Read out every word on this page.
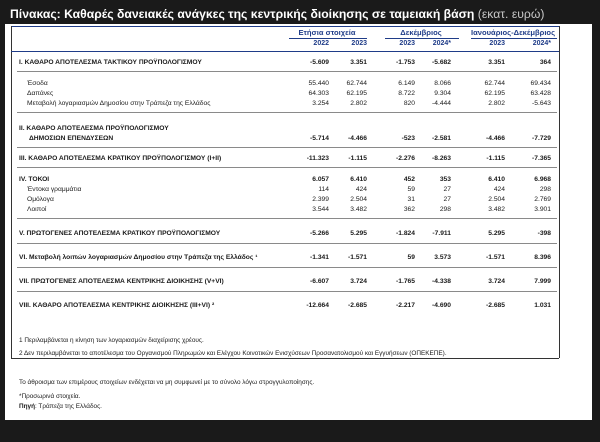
Πίνακας: Καθαρές δανειακές ανάγκες της κεντρικής διοίκησης σε ταμειακή βάση (εκατ. ευρώ)
Ετήσια στοιχεία	Δεκέμβριος	Ιανουάριος-Δεκέμβριος
2022	2023	2023	2024*	2023	2024*
I. ΚΑΘΑΡΟ ΑΠΟΤΕΛΕΣΜΑ ΤΑΚΤΙΚΟΥ ΠΡΟΫΠΟΛΟΓΙΣΜΟΥ	-5.609	3.351	-1.753	-5.682	3.351	364
Έσοδα	55.440	62.744	6.149	8.066	62.744	69.434
Δαπάνες	64.303	62.195	8.722	9.304	62.195	63.428
Μεταβολή λογαριασμών Δημοσίου στην Τράπεζα της Ελλάδος	3.254	2.802	820	-4.444	2.802	-5.643
II. ΚΑΘΑΡΟ ΑΠΟΤΕΛΕΣΜΑ ΠΡΟΫΠΟΛΟΓΙΣΜΟΥ
ΔΗΜΟΣΙΩΝ ΕΠΕΝΔΥΣΕΩΝ	-5.714	-4.466	-523	-2.581	-4.466	-7.729
III. ΚΑΘΑΡΟ ΑΠΟΤΕΛΕΣΜΑ ΚΡΑΤΙΚΟΥ ΠΡΟΫΠΟΛΟΓΙΣΜΟΥ (I+II)	-11.323	-1.115	-2.276	-8.263	-1.115	-7.365
IV. ΤΟΚΟΙ	6.057	6.410	452	353	6.410	6.968
Έντοκα γραμμάτια	114	424	59	27	424	298
Ομόλογα	2.399	2.504	31	27	2.504	2.769
Λοιποί	3.544	3.482	362	298	3.482	3.901
V. ΠΡΩΤΟΓΕΝΕΣ ΑΠΟΤΕΛΕΣΜΑ ΚΡΑΤΙΚΟΥ ΠΡΟΫΠΟΛΟΓΙΣΜΟΥ	-5.266	5.295	-1.824	-7.911	5.295	-398
VI. Μεταβολή λοιπών λογαριασμών Δημοσίου στην Τράπεζα της Ελλάδος ¹	-1.341	-1.571	59	3.573	-1.571	8.396
VII. ΠΡΩΤΟΓΕΝΕΣ ΑΠΟΤΕΛΕΣΜΑ ΚΕΝΤΡΙΚΗΣ ΔΙΟΙΚΗΣΗΣ (V+VI)	-6.607	3.724	-1.765	-4.338	3.724	7.999
VIII. ΚΑΘΑΡΟ ΑΠΟΤΕΛΕΣΜΑ ΚΕΝΤΡΙΚΗΣ ΔΙΟΙΚΗΣΗΣ (III+VI) ²	-12.664	-2.685	-2.217	-4.690	-2.685	1.031
1 Περιλαμβάνεται η κίνηση των λογαριασμών διαχείρισης χρέους.
2 Δεν περιλαμβάνεται το αποτέλεσμα του Οργανισμού Πληρωμών και Ελέγχου Κοινοτικών Ενισχύσεων Προσανατολισμού και Εγγυήσεων (ΟΠΕΚΕΠΕ).
Το άθροισμα των επιμέρους στοιχείων ενδέχεται να μη συμφωνεί με το σύνολο λόγω στρογγυλοποίησης.
*Προσωρινά στοιχεία.
Πηγή: Τράπεζα της Ελλάδος.
